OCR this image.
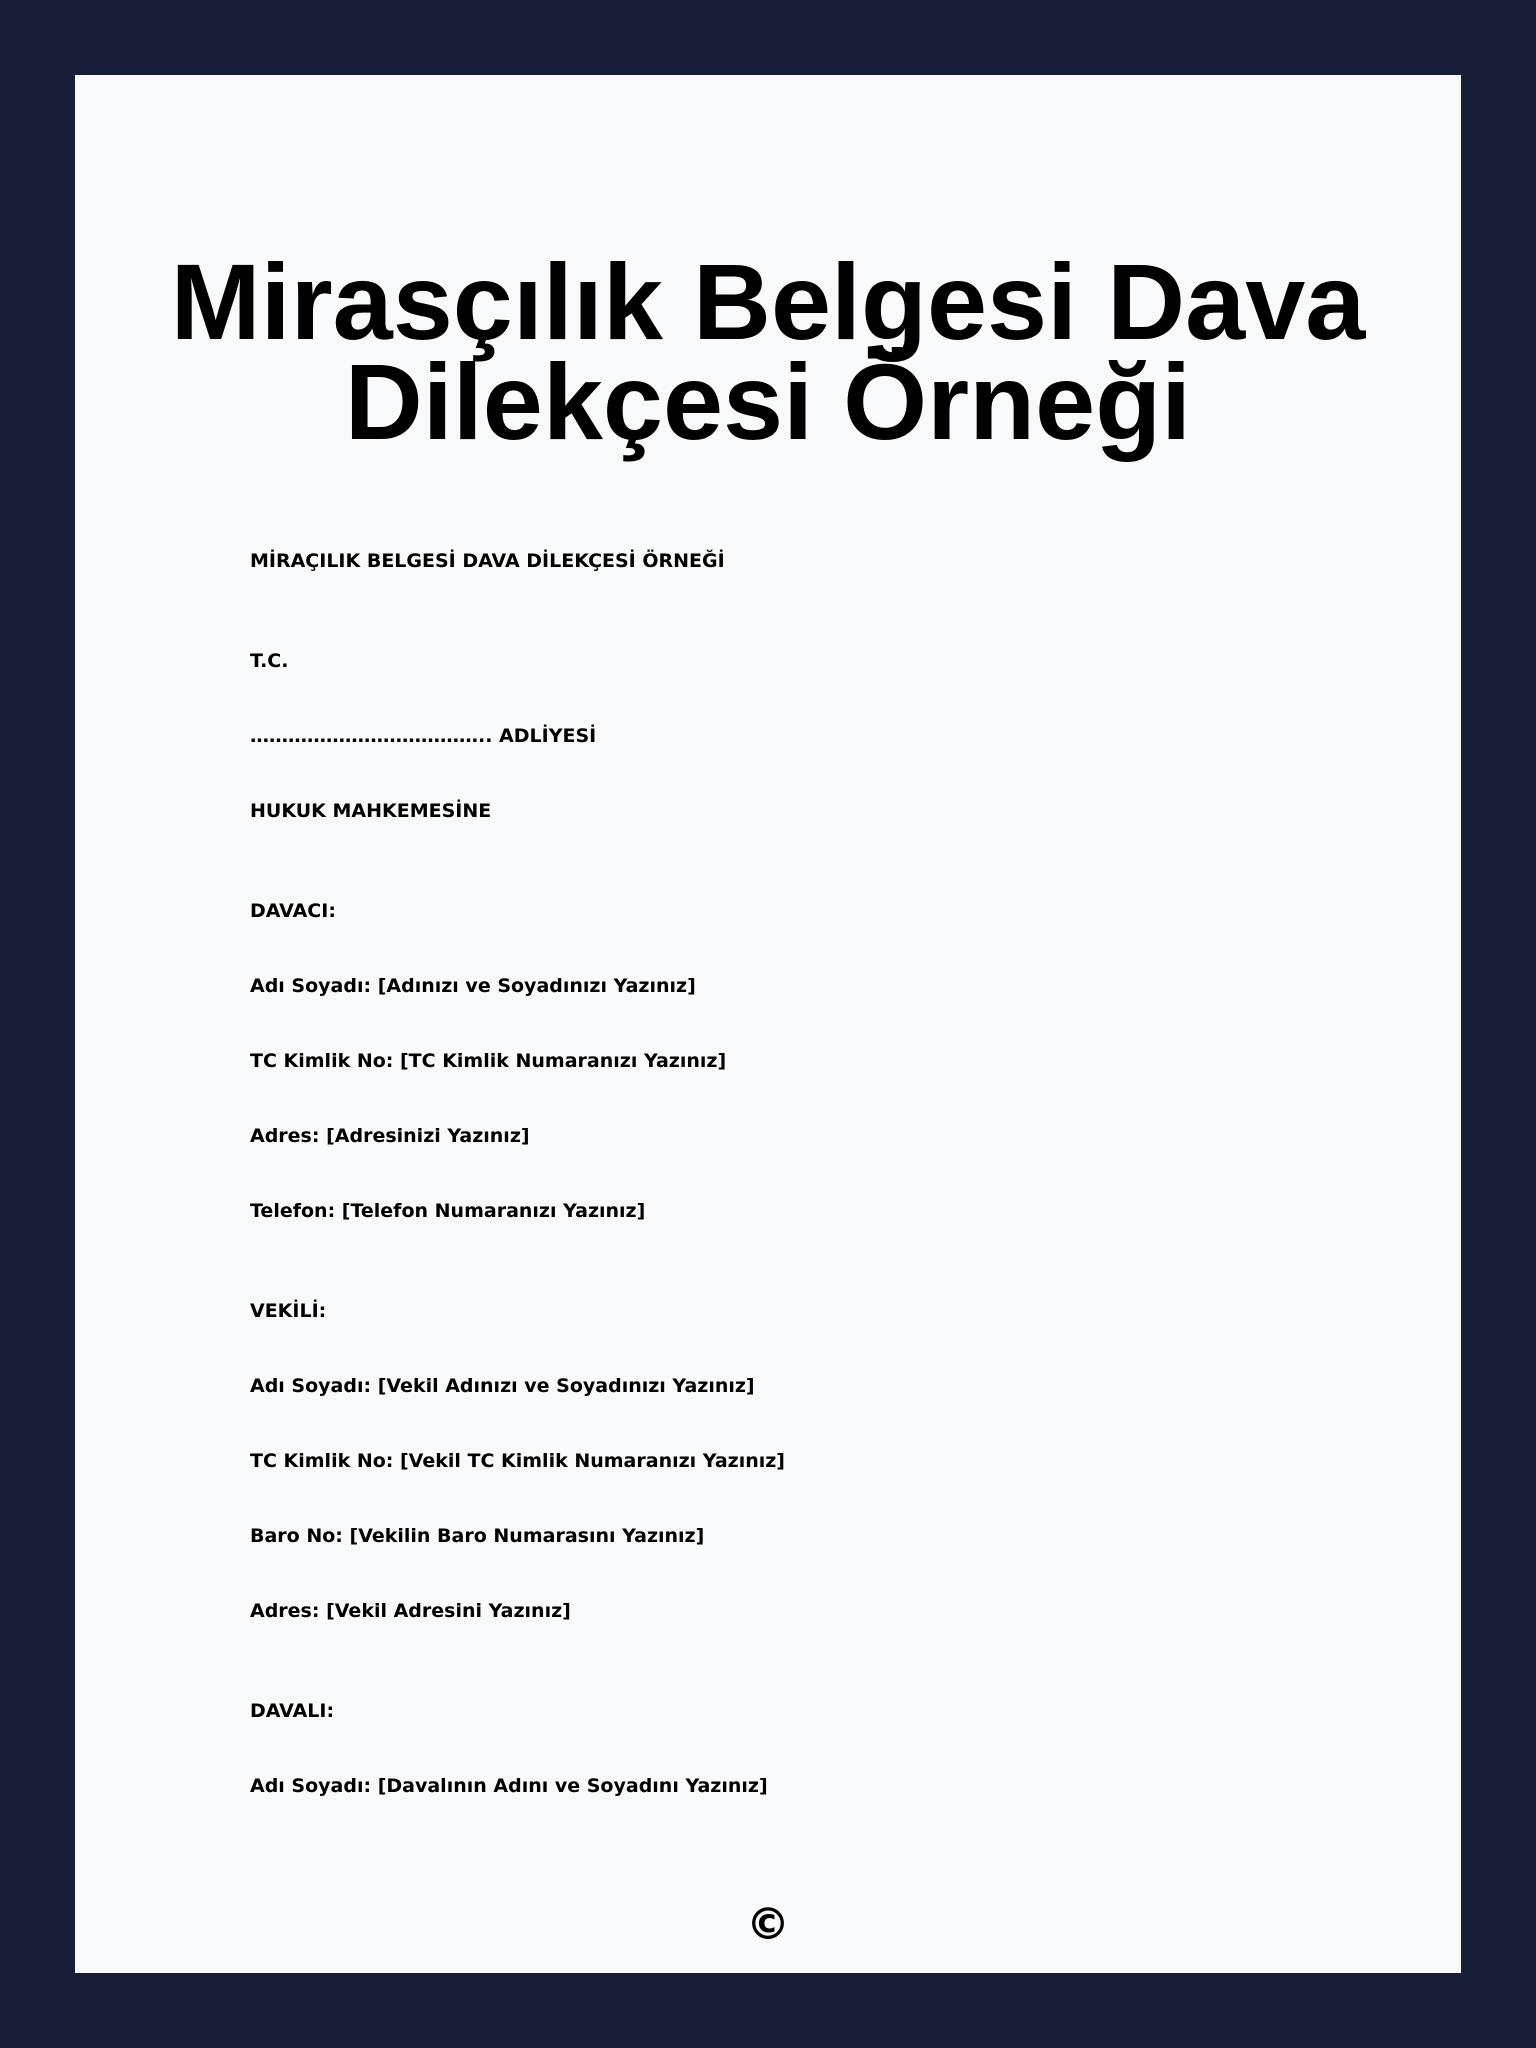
Mirasçılık Belgesi Dava
Dilekçesi Örneği
MİRAÇILIK BELGESİ DAVA DİLEKÇESİ ÖRNEĞİ
T.C.
……………………………….. ADLİYESİ
HUKUK MAHKEMESİNE
DAVACI:
Adı Soyadı: [Adınızı ve Soyadınızı Yazınız]
TC Kimlik No: [TC Kimlik Numaranızı Yazınız]
Adres: [Adresinizi Yazınız]
Telefon: [Telefon Numaranızı Yazınız]
VEKİLİ:
Adı Soyadı: [Vekil Adınızı ve Soyadınızı Yazınız]
TC Kimlik No: [Vekil TC Kimlik Numaranızı Yazınız]
Baro No: [Vekilin Baro Numarasını Yazınız]
Adres: [Vekil Adresini Yazınız]
DAVALI:
Adı Soyadı: [Davalının Adını ve Soyadını Yazınız]
©
